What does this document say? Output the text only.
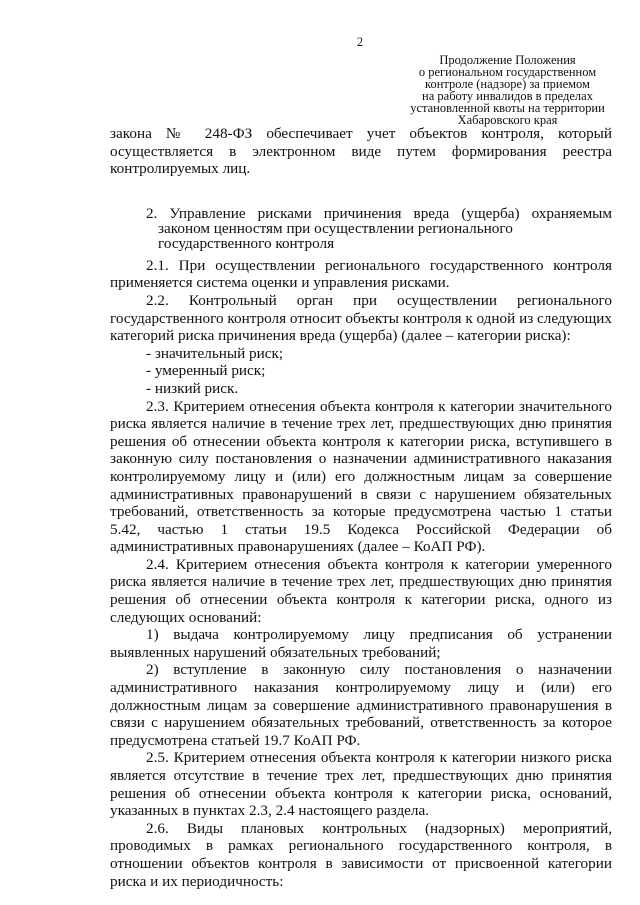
2
Продолжение Положения
о региональном государственном
контроле (надзоре) за приемом
на работу инвалидов в пределах
установленной квоты на территории
Хабаровского края

закона № 248-ФЗ обеспечивает учет объектов контроля, который осуществляется в электронном виде путем формирования реестра контролируемых лиц.

2. Управление рисками причинения вреда (ущерба) охраняемым
законом ценностям при осуществлении регионального государственного контроля

2.1. При осуществлении регионального государственного контроля применяется система оценки и управления рисками.

2.2. Контрольный орган при осуществлении регионального государственного контроля относит объекты контроля к одной из следующих категорий риска причинения вреда (ущерба) (далее – категории риска):

- значительный риск;

- умеренный риск;

- низкий риск.

2.3. Критерием отнесения объекта контроля к категории значительного риска является наличие в течение трех лет, предшествующих дню принятия решения об отнесении объекта контроля к категории риска, вступившего в законную силу постановления о назначении административного наказания контролируемому лицу и (или) его должностным лицам за совершение административных правонарушений в связи с нарушением обязательных требований, ответственность за которые предусмотрена частью 1 статьи 5.42, частью 1 статьи 19.5 Кодекса Российской Федерации об административных правонарушениях (далее – КоАП РФ).

2.4. Критерием отнесения объекта контроля к категории умеренного риска является наличие в течение трех лет, предшествующих дню принятия решения об отнесении объекта контроля к категории риска, одного из следующих оснований:

1) выдача контролируемому лицу предписания об устранении выявленных нарушений обязательных требований;

2) вступление в законную силу постановления о назначении административного наказания контролируемому лицу и (или) его должностным лицам за совершение административного правонарушения в связи с нарушением обязательных требований, ответственность за которое предусмотрена статьей 19.7 КоАП РФ.

2.5. Критерием отнесения объекта контроля к категории низкого риска является отсутствие в течение трех лет, предшествующих дню принятия решения об отнесении объекта контроля к категории риска, оснований, указанных в пунктах 2.3, 2.4 настоящего раздела.

2.6. Виды плановых контрольных (надзорных) мероприятий, проводимых в рамках регионального государственного контроля, в отношении объектов контроля в зависимости от присвоенной категории риска и их периодичность:
